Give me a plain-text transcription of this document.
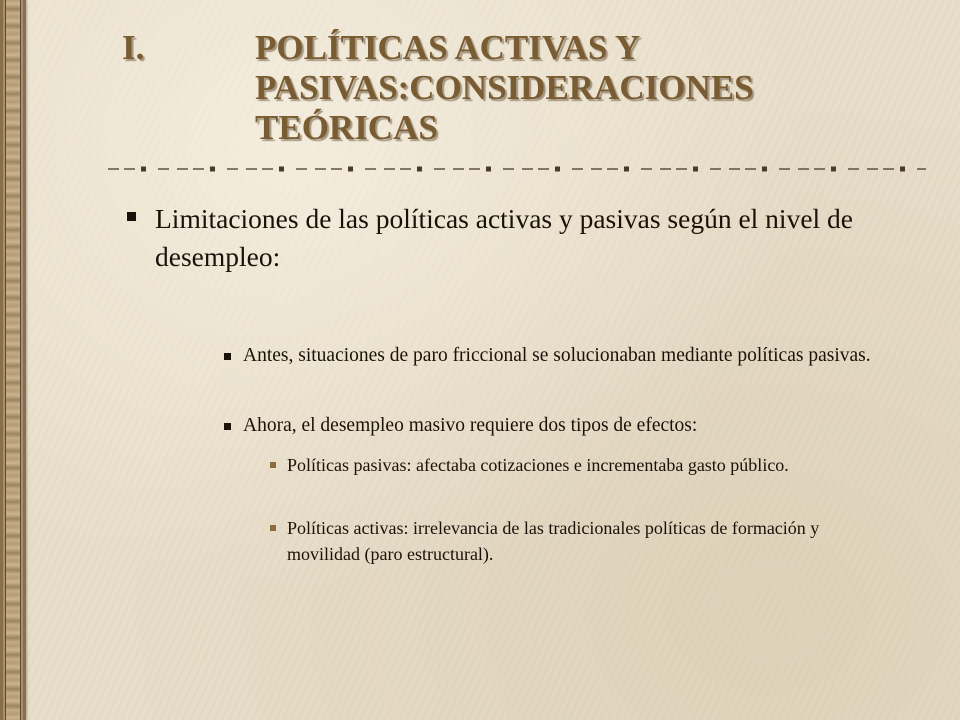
I.	POLÍTICAS ACTIVAS Y
PASIVAS:CONSIDERACIONES
TEÓRICAS
Limitaciones de las políticas activas y pasivas según el nivel de desempleo:
Antes, situaciones de paro friccional se solucionaban mediante políticas pasivas.
Ahora, el desempleo masivo requiere dos tipos de efectos:
Políticas pasivas: afectaba cotizaciones e incrementaba gasto público.
Políticas activas: irrelevancia de las tradicionales políticas de formación y movilidad (paro estructural).
